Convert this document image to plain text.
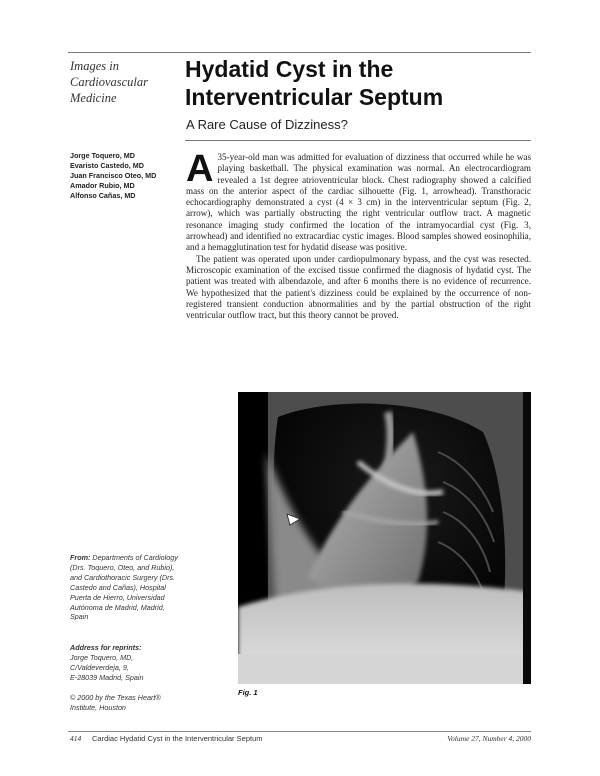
Images in
Cardiovascular
Medicine
Hydatid Cyst in the
Interventricular Septum
A Rare Cause of Dizziness?
Jorge Toquero, MD
Evaristo Castedo, MD
Juan Francisco Oteo, MD
Amador Rubio, MD
Alfonso Cañas, MD

A 35-year-old man was admitted for evaluation of dizziness that occurred while he was playing basketball. The physical examination was normal. An electrocardiogram revealed a 1st degree atrioventricular block. Chest radiography showed a calcified mass on the anterior aspect of the cardiac silhouette (Fig. 1, arrowhead). Transthoracic echocardiography demonstrated a cyst (4 × 3 cm) in the interventricular septum (Fig. 2, arrow), which was partially obstructing the right ventricular outflow tract. A magnetic resonance imaging study confirmed the location of the intramyocardial cyst (Fig. 3, arrowhead) and identified no extracardiac cystic images. Blood samples showed eosinophilia, and a hemagglutination test for hydatid disease was positive.

The patient was operated upon under cardiopulmonary bypass, and the cyst was resected. Microscopic examination of the excised tissue confirmed the diagnosis of hydatid cyst. The patient was treated with albendazole, and after 6 months there is no evidence of recurrence. We hypothesized that the patient's dizziness could be explained by the occurrence of non-registered transient conduction abnormalities and by the partial obstruction of the right ventricular outflow tract, but this theory cannot be proved.

Fig. 1
From: Departments of Cardiology (Drs. Toquero, Oteo, and Rubio), and Cardiothoracic Surgery (Drs. Castedo and Cañas), Hospital Puerta de Hierro, Universidad Autónoma de Madrid, Madrid, Spain
Address for reprints:
Jorge Toquero, MD,
C/Valdeverdeja, 9,
E-28039 Madrid, Spain
© 2000 by the Texas Heart® Institute, Houston
414 Cardiac Hydatid Cyst in the Interventricular Septum	Volume 27, Number 4, 2000
